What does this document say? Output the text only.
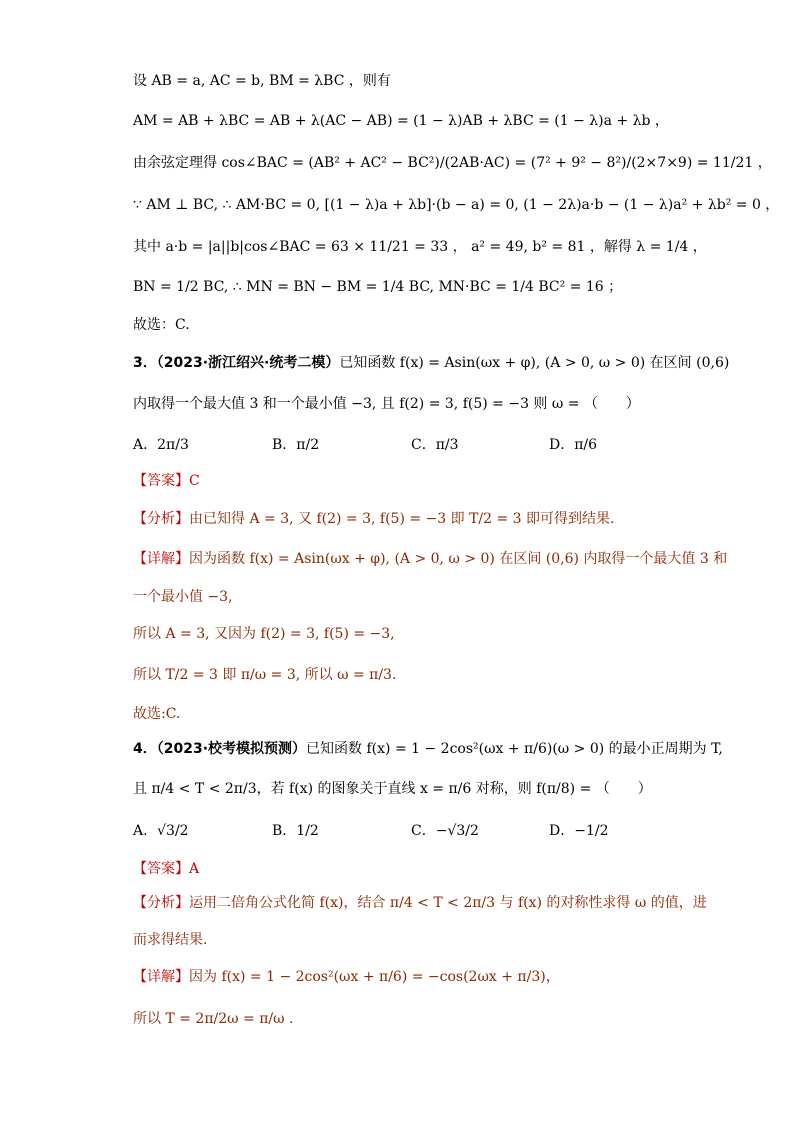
设 AB = a, AC = b, BM = λBC ，则有
AM = AB + λBC = AB + λ(AC − AB) = (1 − λ)AB + λBC = (1 − λ)a + λb ，
由余弦定理得 cos∠BAC = (AB² + AC² − BC²)/(2AB·AC) = (7² + 9² − 8²)/(2×7×9) = 11/21 ，
∵ AM ⊥ BC, ∴ AM·BC = 0, [(1 − λ)a + λb]·(b − a) = 0, (1 − 2λ)a·b − (1 − λ)a² + λb² = 0 ，
其中 a·b = |a||b|cos∠BAC = 63 × 11/21 = 33 ， a² = 49, b² = 81 ，解得 λ = 1/4 ，
BN = 1/2 BC, ∴ MN = BN − BM = 1/4 BC, MN·BC = 1/4 BC² = 16 ；
故选：C.
3．（2023·浙江绍兴·统考二模）已知函数 f(x) = Asin(ωx + φ), (A > 0, ω > 0) 在区间 (0,6)
内取得一个最大值 3 和一个最小值 −3, 且 f(2) = 3, f(5) = −3 则 ω = （　　）
A．2π/3	B．π/2	C．π/3	D．π/6
【答案】C
【分析】由已知得 A = 3, 又 f(2) = 3, f(5) = −3 即 T/2 = 3 即可得到结果.
【详解】因为函数 f(x) = Asin(ωx + φ), (A > 0, ω > 0) 在区间 (0,6) 内取得一个最大值 3 和
一个最小值 −3,
所以 A = 3, 又因为 f(2) = 3, f(5) = −3,
所以 T/2 = 3 即 π/ω = 3, 所以 ω = π/3.
故选:C.
4．（2023·校考模拟预测）已知函数 f(x) = 1 − 2cos²(ωx + π/6)(ω > 0) 的最小正周期为 T,
且 π/4 < T < 2π/3，若 f(x) 的图象关于直线 x = π/6 对称，则 f(π/8) = （　　）
A．√3/2	B．1/2	C．−√3/2	D．−1/2
【答案】A
【分析】运用二倍角公式化简 f(x)，结合 π/4 < T < 2π/3 与 f(x) 的对称性求得 ω 的值，进
而求得结果.
【详解】因为 f(x) = 1 − 2cos²(ωx + π/6) = −cos(2ωx + π/3)，
所以 T = 2π/2ω = π/ω .
